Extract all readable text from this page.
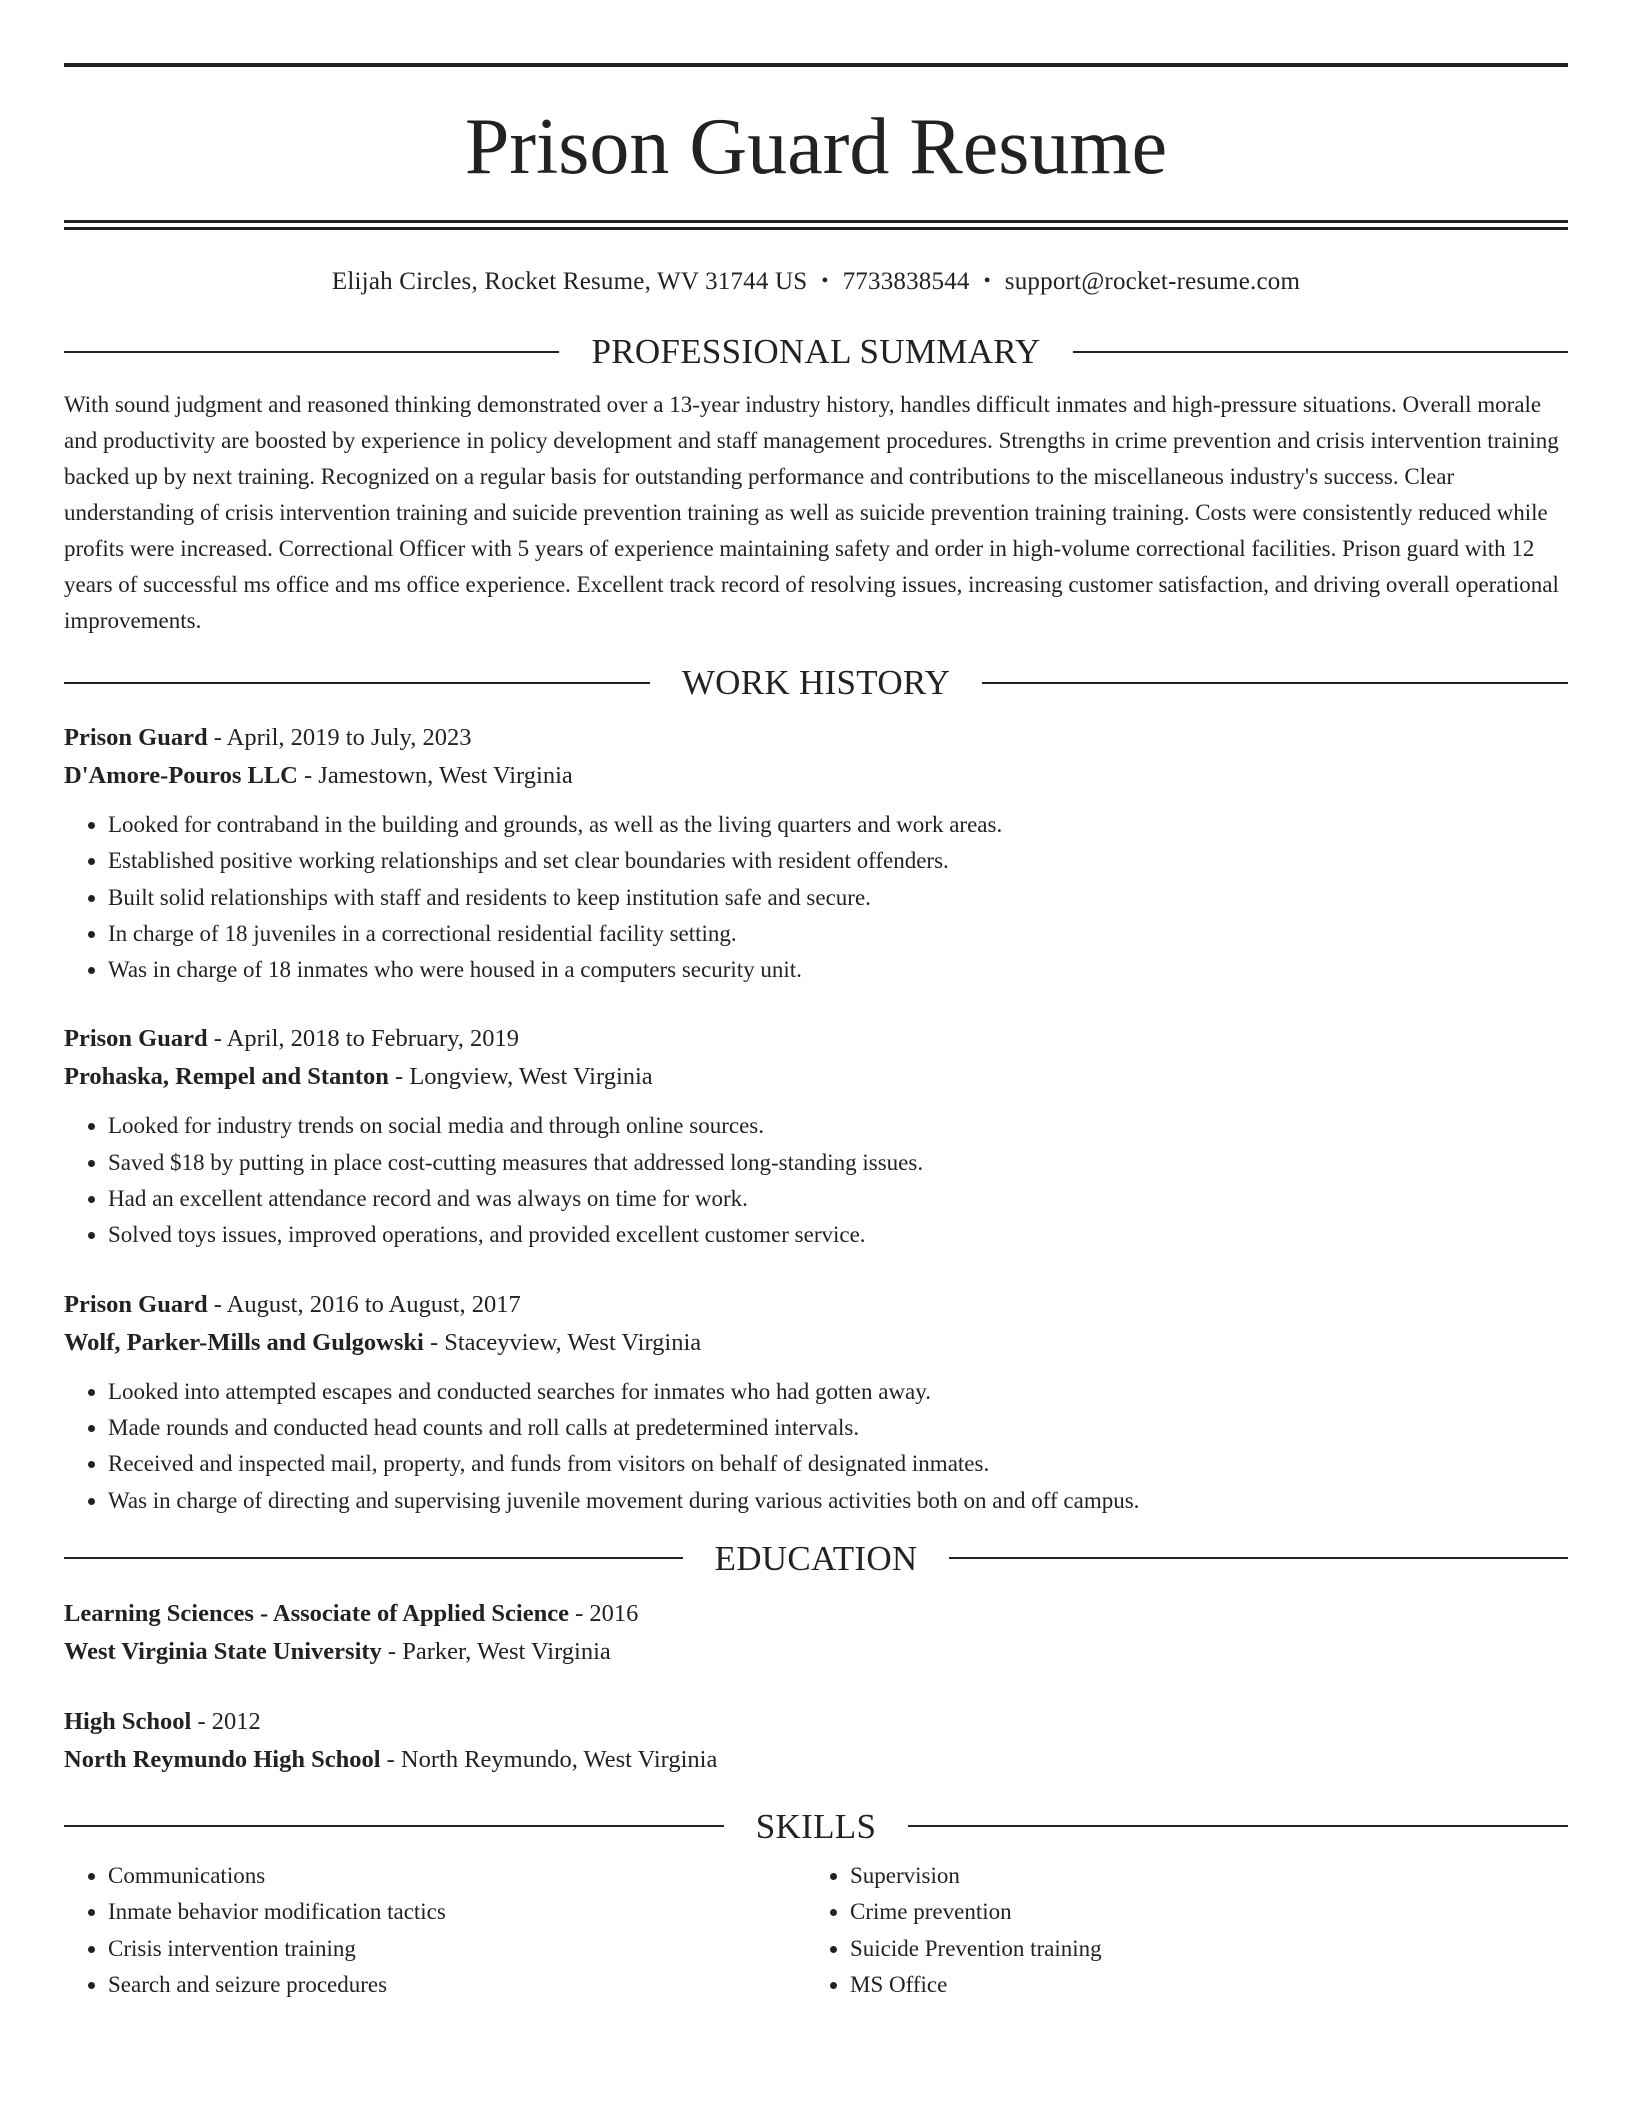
Prison Guard Resume
Elijah Circles, Rocket Resume, WV 31744 US • 7733838544 • support@rocket-resume.com
PROFESSIONAL SUMMARY

With sound judgment and reasoned thinking demonstrated over a 13-year industry history, handles difficult inmates and high-pressure situations. Overall morale and productivity are boosted by experience in policy development and staff management procedures. Strengths in crime prevention and crisis intervention training backed up by next training. Recognized on a regular basis for outstanding performance and contributions to the miscellaneous industry's success. Clear understanding of crisis intervention training and suicide prevention training as well as suicide prevention training training. Costs were consistently reduced while profits were increased. Correctional Officer with 5 years of experience maintaining safety and order in high-volume correctional facilities. Prison guard with 12 years of successful ms office and ms office experience. Excellent track record of resolving issues, increasing customer satisfaction, and driving overall operational improvements.

WORK HISTORY
Prison Guard - April, 2019 to July, 2023
D'Amore-Pouros LLC - Jamestown, West Virginia
• Looked for contraband in the building and grounds, as well as the living quarters and work areas.
• Established positive working relationships and set clear boundaries with resident offenders.
• Built solid relationships with staff and residents to keep institution safe and secure.
• In charge of 18 juveniles in a correctional residential facility setting.
• Was in charge of 18 inmates who were housed in a computers security unit.
Prison Guard - April, 2018 to February, 2019
Prohaska, Rempel and Stanton - Longview, West Virginia
• Looked for industry trends on social media and through online sources.
• Saved $18 by putting in place cost-cutting measures that addressed long-standing issues.
• Had an excellent attendance record and was always on time for work.
• Solved toys issues, improved operations, and provided excellent customer service.
Prison Guard - August, 2016 to August, 2017
Wolf, Parker-Mills and Gulgowski - Staceyview, West Virginia
• Looked into attempted escapes and conducted searches for inmates who had gotten away.
• Made rounds and conducted head counts and roll calls at predetermined intervals.
• Received and inspected mail, property, and funds from visitors on behalf of designated inmates.
• Was in charge of directing and supervising juvenile movement during various activities both on and off campus.
EDUCATION
Learning Sciences - Associate of Applied Science - 2016
West Virginia State University - Parker, West Virginia
High School - 2012
North Reymundo High School - North Reymundo, West Virginia
SKILLS
• Communications
• Inmate behavior modification tactics
• Crisis intervention training
• Search and seizure procedures
• Supervision
• Crime prevention
• Suicide Prevention training
• MS Office
